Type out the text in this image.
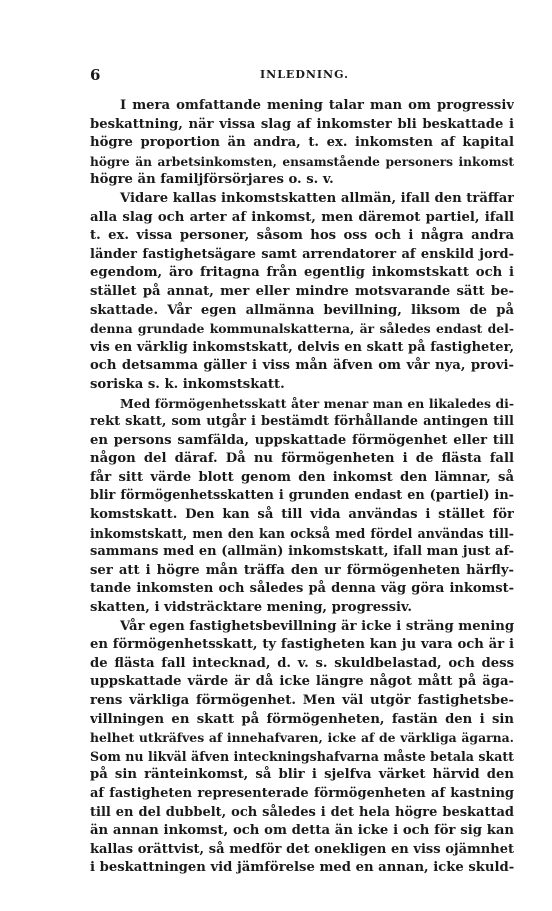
6	INLEDNING.
I mera omfattande mening talar man om progressiv
beskattning, när vissa slag af inkomster bli beskattade i
högre proportion än andra, t. ex. inkomsten af kapital
högre än arbetsinkomsten, ensamstående personers inkomst
högre än familjförsörjares o. s. v.
Vidare kallas inkomstskatten allmän, ifall den träffar
alla slag och arter af inkomst, men däremot partiel, ifall
t. ex. vissa personer, såsom hos oss och i några andra
länder fastighetsägare samt arrendatorer af enskild jord-
egendom, äro fritagna från egentlig inkomstskatt och i
stället på annat, mer eller mindre motsvarande sätt be-
skattade. Vår egen allmänna bevillning, liksom de på
denna grundade kommunalskatterna, är således endast del-
vis en värklig inkomstskatt, delvis en skatt på fastigheter,
och detsamma gäller i viss mån äfven om vår nya, provi-
soriska s. k. inkomstskatt.
Med förmögenhetsskatt åter menar man en likaledes di-
rekt skatt, som utgår i bestämdt förhållande antingen till
en persons samfälda, uppskattade förmögenhet eller till
någon del däraf. Då nu förmögenheten i de flästa fall
får sitt värde blott genom den inkomst den lämnar, så
blir förmögenhetsskatten i grunden endast en (partiel) in-
komstskatt. Den kan så till vida användas i stället för
inkomstskatt, men den kan också med fördel användas till-
sammans med en (allmän) inkomstskatt, ifall man just af-
ser att i högre mån träffa den ur förmögenheten härfly-
tande inkomsten och således på denna väg göra inkomst-
skatten, i vidsträcktare mening, progressiv.
Vår egen fastighetsbevillning är icke i sträng mening
en förmögenhetsskatt, ty fastigheten kan ju vara och är i
de flästa fall intecknad, d. v. s. skuldbelastad, och dess
uppskattade värde är då icke längre något mått på äga-
rens värkliga förmögenhet. Men väl utgör fastighetsbe-
villningen en skatt på förmögenheten, fastän den i sin
helhet utkräfves af innehafvaren, icke af de värkliga ägarna.
Som nu likväl äfven inteckningshafvarna måste betala skatt
på sin ränteinkomst, så blir i sjelfva värket härvid den
af fastigheten representerade förmögenheten af kastning
till en del dubbelt, och således i det hela högre beskattad
än annan inkomst, och om detta än icke i och för sig kan
kallas orättvist, så medför det onekligen en viss ojämnhet
i beskattningen vid jämförelse med en annan, icke skuld-
